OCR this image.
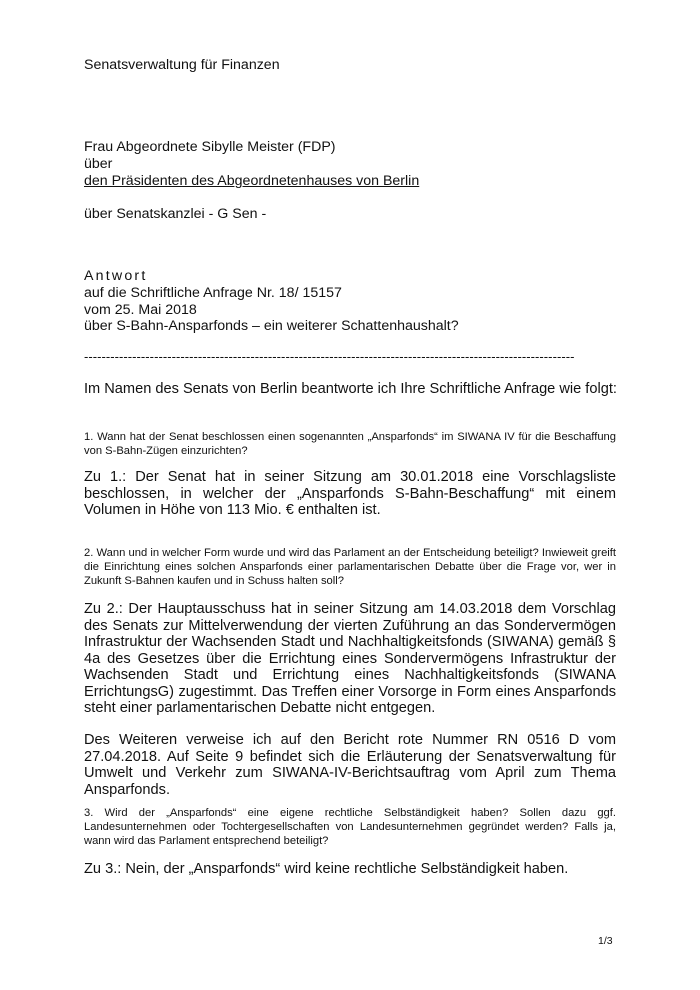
Senatsverwaltung für Finanzen

Frau Abgeordnete Sibylle Meister (FDP)

über

den Präsidenten des Abgeordnetenhauses von Berlin

über Senatskanzlei - G Sen -

Antwort

auf die Schriftliche Anfrage Nr. 18/ 15157

vom 25. Mai 2018

über S-Bahn-Ansparfonds – ein weiterer Schattenhaushalt?

----------------------------------------------------------------------------------------------------------------

Im Namen des Senats von Berlin beantworte ich Ihre Schriftliche Anfrage wie folgt:

1. Wann hat der Senat beschlossen einen sogenannten „Ansparfonds“ im SIWANA IV für die Beschaffung von S-Bahn-Zügen einzurichten?

Zu 1.: Der Senat hat in seiner Sitzung am 30.01.2018 eine Vorschlagsliste beschlossen, in welcher der „Ansparfonds S-Bahn-Beschaffung“ mit einem Volumen in Höhe von 113 Mio. € enthalten ist.

2. Wann und in welcher Form wurde und wird das Parlament an der Entscheidung beteiligt? Inwieweit greift die Einrichtung eines solchen Ansparfonds einer parlamentarischen Debatte über die Frage vor, wer in Zukunft S-Bahnen kaufen und in Schuss halten soll?

Zu 2.: Der Hauptausschuss hat in seiner Sitzung am 14.03.2018 dem Vorschlag des Senats zur Mittelverwendung der vierten Zuführung an das Sondervermögen Infrastruktur der Wachsenden Stadt und Nachhaltigkeitsfonds (SIWANA) gemäß § 4a des Gesetzes über die Errichtung eines Sondervermögens Infrastruktur der Wachsenden Stadt und Errichtung eines Nachhaltigkeitsfonds (SIWANA ErrichtungsG) zugestimmt. Das Treffen einer Vorsorge in Form eines Ansparfonds steht einer parlamentarischen Debatte nicht entgegen.

Des Weiteren verweise ich auf den Bericht rote Nummer RN 0516 D vom 27.04.2018. Auf Seite 9 befindet sich die Erläuterung der Senatsverwaltung für Umwelt und Verkehr zum SIWANA-IV-Berichtsauftrag vom April zum Thema Ansparfonds.

3. Wird der „Ansparfonds“ eine eigene rechtliche Selbständigkeit haben? Sollen dazu ggf. Landesunternehmen oder Tochtergesellschaften von Landesunternehmen gegründet werden? Falls ja, wann wird das Parlament entsprechend beteiligt?

Zu 3.: Nein, der „Ansparfonds“ wird keine rechtliche Selbständigkeit haben.

1/3
